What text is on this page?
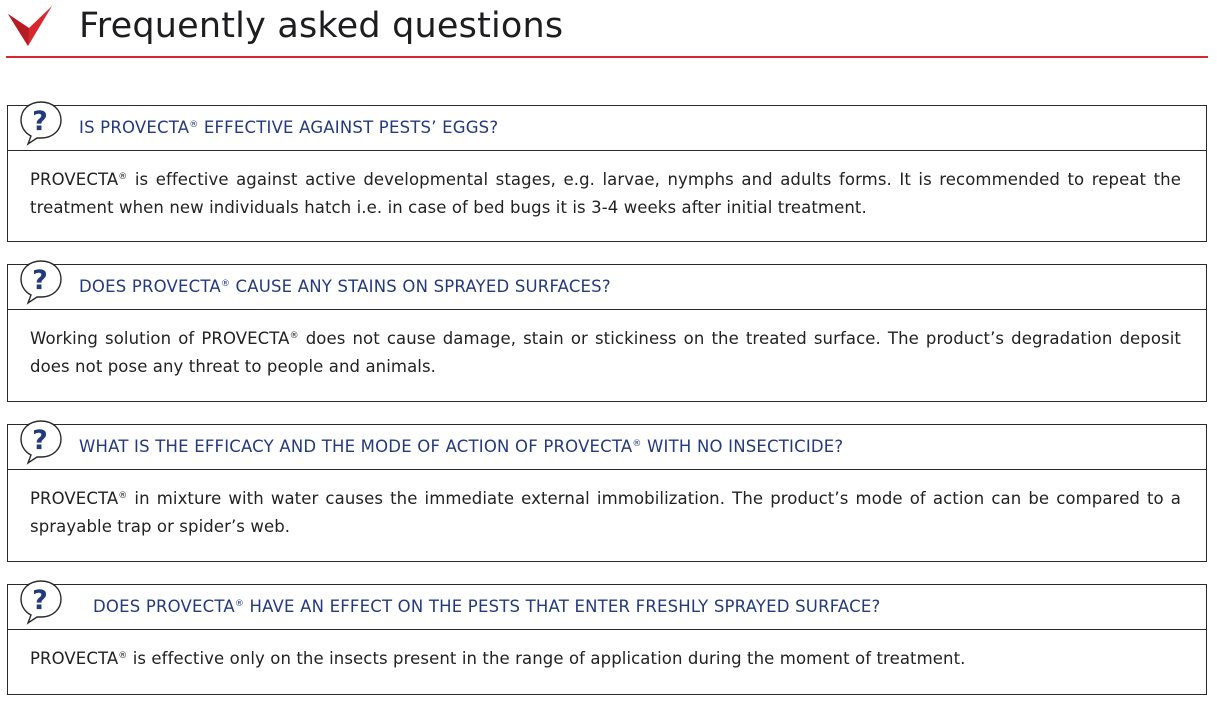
Frequently asked questions
? IS PROVECTA® EFFECTIVE AGAINST PESTS’ EGGS?
PROVECTA® is effective against active developmental stages, e.g. larvae, nymphs and adults forms. It is recommended to repeat the treatment when new individuals hatch i.e. in case of bed bugs it is 3-4 weeks after initial treatment.
? DOES PROVECTA® CAUSE ANY STAINS ON SPRAYED SURFACES?
Working solution of PROVECTA® does not cause damage, stain or stickiness on the treated surface. The product’s degradation deposit does not pose any threat to people and animals.
? WHAT IS THE EFFICACY AND THE MODE OF ACTION OF PROVECTA® WITH NO INSECTICIDE?
PROVECTA® in mixture with water causes the immediate external immobilization. The product’s mode of action can be compared to a sprayable trap or spider’s web.
?	DOES PROVECTA® HAVE AN EFFECT ON THE PESTS THAT ENTER FRESHLY SPRAYED SURFACE?
PROVECTA® is effective only on the insects present in the range of application during the moment of treatment.
